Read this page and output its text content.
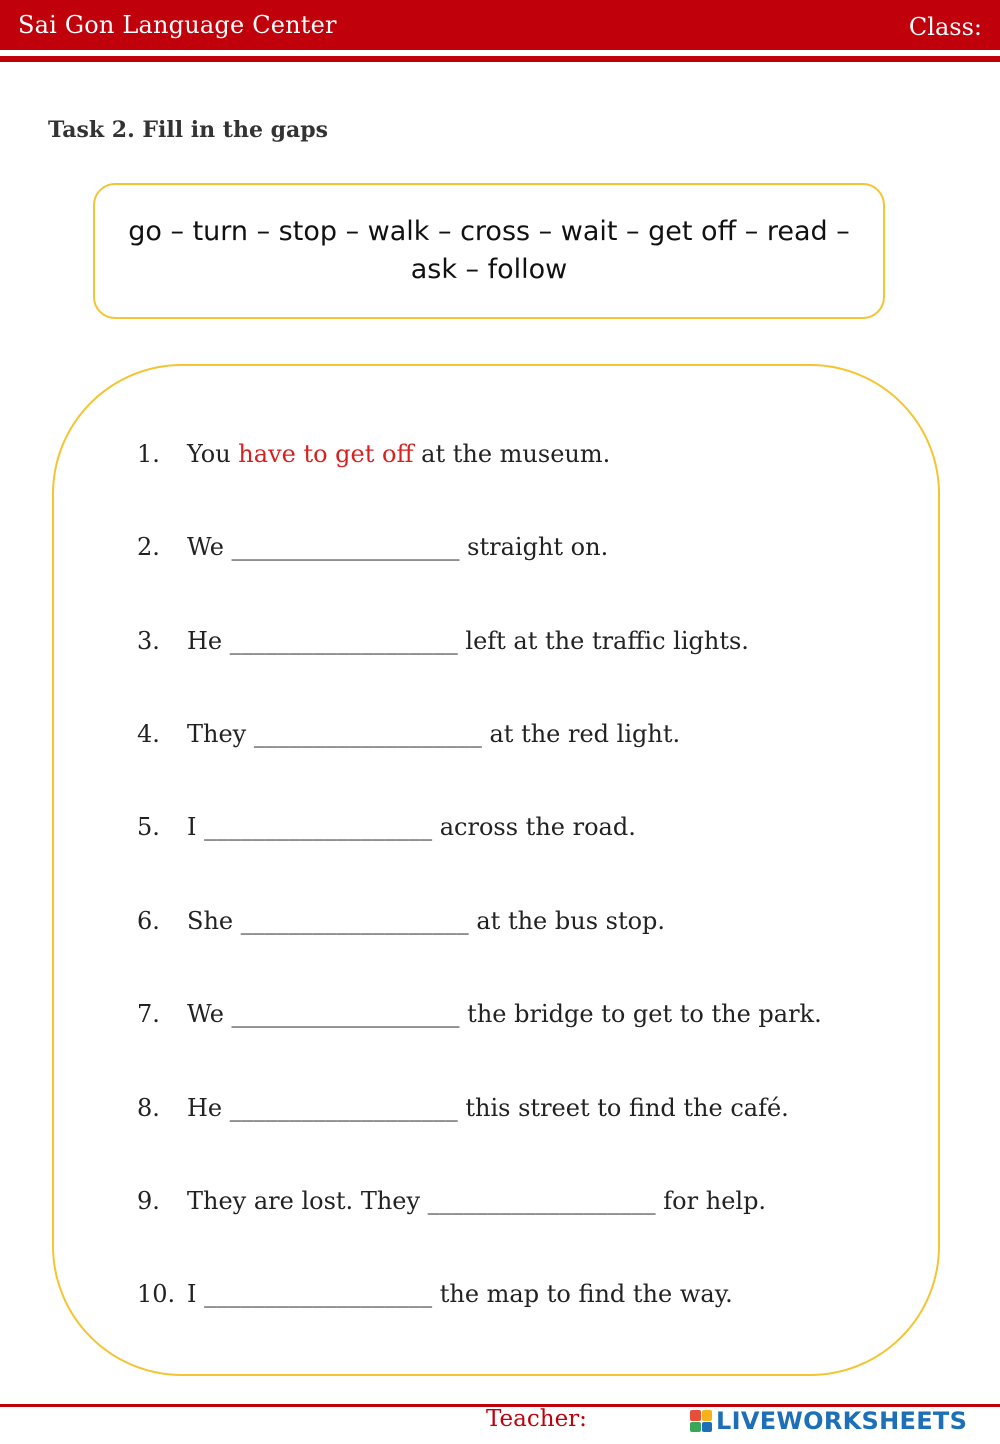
Sai Gon Language Center	Class:
Task 2. Fill in the gaps
go – turn – stop – walk – cross – wait – get off – read –
ask – follow
1. You have to get off at the museum.
2. We ___________________ straight on.
3. He ___________________ left at the traffic lights.
4. They ___________________ at the red light.
5. I ___________________ across the road.
6. She ___________________ at the bus stop.
7. We ___________________ the bridge to get to the park.
8. He ___________________ this street to find the café.
9. They are lost. They ___________________ for help.
10. I ___________________ the map to find the way.
Teacher:	LIVEWORKSHEETS
